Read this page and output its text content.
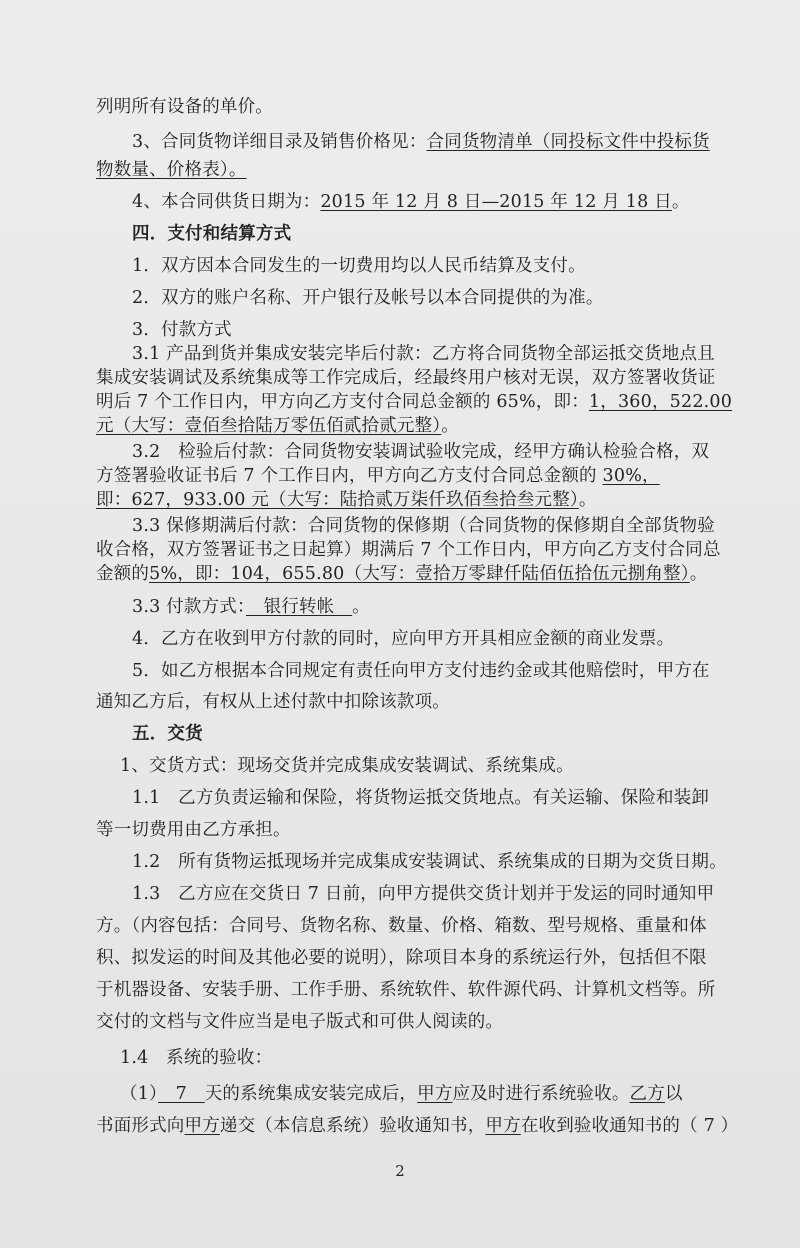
列明所有设备的单价。
3、合同货物详细目录及销售价格见：合同货物清单（同投标文件中投标货
物数量、价格表）。
4、本合同供货日期为：2015 年 12 月 8 日—2015 年 12 月 18 日。
四．支付和结算方式
1．双方因本合同发生的一切费用均以人民币结算及支付。
2．双方的账户名称、开户银行及帐号以本合同提供的为准。
3．付款方式
3.1 产品到货并集成安装完毕后付款：乙方将合同货物全部运抵交货地点且
集成安装调试及系统集成等工作完成后，经最终用户核对无误，双方签署收货证
明后 7 个工作日内，甲方向乙方支付合同总金额的 65%，即：1，360，522.00
元（大写：壹佰叁拾陆万零伍佰贰拾贰元整）。
3.2　检验后付款：合同货物安装调试验收完成，经甲方确认检验合格，双
方签署验收证书后 7 个工作日内，甲方向乙方支付合同总金额的 30%，
即：627，933.00 元（大写：陆拾贰万柒仟玖佰叁拾叁元整）。
3.3 保修期满后付款：合同货物的保修期（合同货物的保修期自全部货物验
收合格，双方签署证书之日起算）期满后 7 个工作日内，甲方向乙方支付合同总
金额的5%，即：104，655.80（大写：壹拾万零肆仟陆佰伍拾伍元捌角整）。
3.3 付款方式：　银行转帐　。
4．乙方在收到甲方付款的同时，应向甲方开具相应金额的商业发票。
5．如乙方根据本合同规定有责任向甲方支付违约金或其他赔偿时，甲方在
通知乙方后，有权从上述付款中扣除该款项。
五．交货
1、交货方式：现场交货并完成集成安装调试、系统集成。
1.1　乙方负责运输和保险，将货物运抵交货地点。有关运输、保险和装卸
等一切费用由乙方承担。
1.2　所有货物运抵现场并完成集成安装调试、系统集成的日期为交货日期。
1.3　乙方应在交货日 7 日前，向甲方提供交货计划并于发运的同时通知甲
方。（内容包括：合同号、货物名称、数量、价格、箱数、型号规格、重量和体
积、拟发运的时间及其他必要的说明），除项目本身的系统运行外，包括但不限
于机器设备、安装手册、工作手册、系统软件、软件源代码、计算机文档等。所
交付的文档与文件应当是电子版式和可供人阅读的。
1.4　系统的验收：
（1）　7　天的系统集成安装完成后，甲方应及时进行系统验收。乙方以
书面形式向甲方递交（本信息系统）验收通知书，甲方在收到验收通知书的（ 7 ）
2
